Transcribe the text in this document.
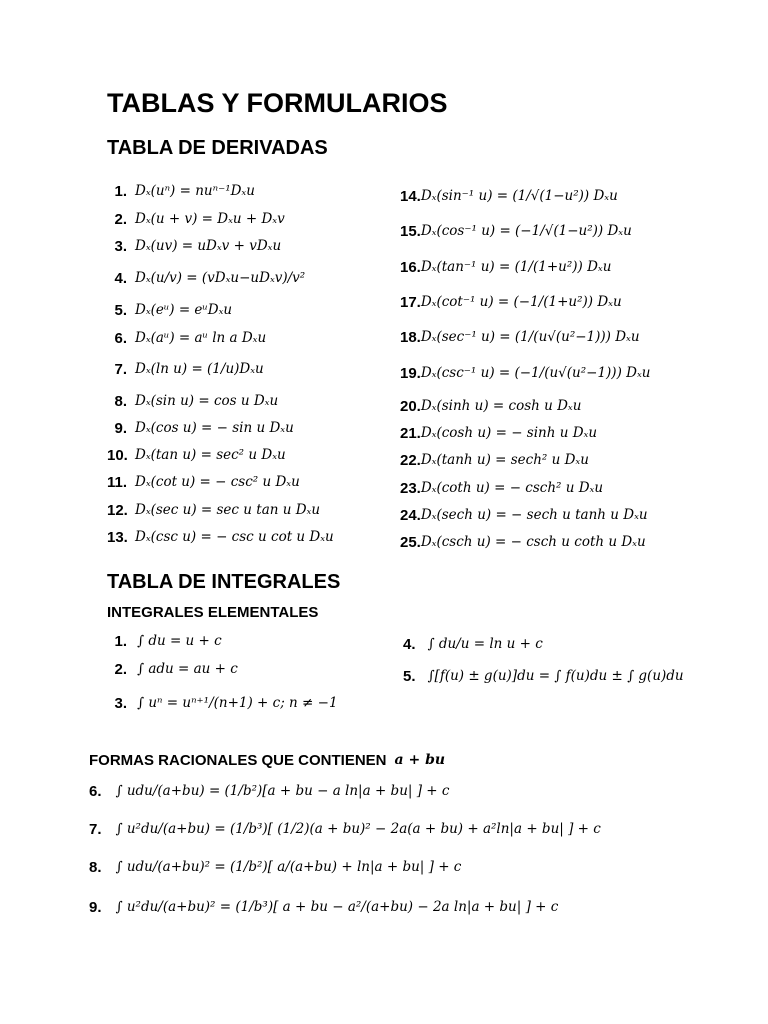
TABLAS Y FORMULARIOS
TABLA DE DERIVADAS
1. Dₓ(uⁿ) = nuⁿ⁻¹Dₓu
2. Dₓ(u + v) = Dₓu + Dₓv
3. Dₓ(uv) = uDₓv + vDₓu
4. Dₓ(u/v) = (vDₓu−uDₓv)/v²
5. Dₓ(eᵘ) = eᵘDₓu
6. Dₓ(aᵘ) = aᵘ ln a Dₓu
7. Dₓ(ln u) = (1/u)Dₓu
8. Dₓ(sin u) = cos u Dₓu
9. Dₓ(cos u) = − sin u Dₓu
10. Dₓ(tan u) = sec² u Dₓu
11. Dₓ(cot u) = − csc² u Dₓu
12. Dₓ(sec u) = sec u tan u Dₓu
13. Dₓ(csc u) = − csc u cot u Dₓu
14. Dₓ(sin⁻¹ u) = (1/√(1−u²)) Dₓu
15. Dₓ(cos⁻¹ u) = (−1/√(1−u²)) Dₓu
16. Dₓ(tan⁻¹ u) = (1/(1+u²)) Dₓu
17. Dₓ(cot⁻¹ u) = (−1/(1+u²)) Dₓu
18. Dₓ(sec⁻¹ u) = (1/(u√(u²−1))) Dₓu
19. Dₓ(csc⁻¹ u) = (−1/(u√(u²−1))) Dₓu
20. Dₓ(sinh u) = cosh u Dₓu
21. Dₓ(cosh u) = − sinh u Dₓu
22. Dₓ(tanh u) = sech² u Dₓu
23. Dₓ(coth u) = − csch² u Dₓu
24. Dₓ(sech u) = − sech u tanh u Dₓu
25. Dₓ(csch u) = − csch u coth u Dₓu
TABLA DE INTEGRALES
INTEGRALES ELEMENTALES
1. ∫ du = u + c
2. ∫ adu = au + c
3. ∫ uⁿ = uⁿ⁺¹/(n+1) + c; n ≠ −1
4. ∫ du/u = ln u + c
5. ∫[f(u) ± g(u)]du = ∫ f(u)du ± ∫ g(u)du
FORMAS RACIONALES QUE CONTIENEN a + bu
6. ∫ udu/(a+bu) = (1/b²)[a + bu − a ln|a + bu| ] + c
7. ∫ u²du/(a+bu) = (1/b³)[ (1/2)(a + bu)² − 2a(a + bu) + a²ln|a + bu| ] + c
8. ∫ udu/(a+bu)² = (1/b²)[ a/(a+bu) + ln|a + bu| ] + c
9. ∫ u²du/(a+bu)² = (1/b³)[ a + bu − a²/(a+bu) − 2a ln|a + bu| ] + c
